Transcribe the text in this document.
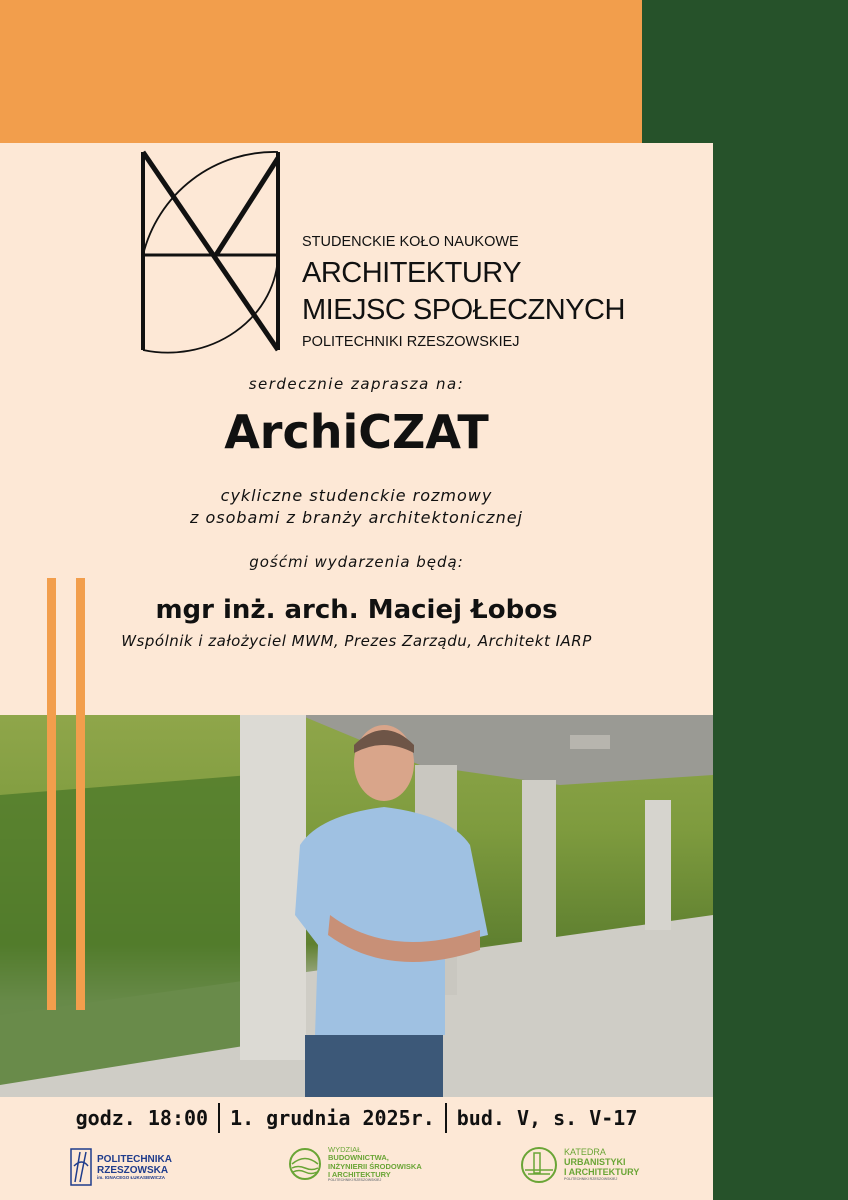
STUDENCKIE KOŁO NAUKOWE
ARCHITEKTURY
MIEJSC SPOŁECZNYCH
POLITECHNIKI RZESZOWSKIEJ
serdecznie zaprasza na:
ArchiCZAT
cykliczne studenckie rozmowy
z osobami z branży architektonicznej
gośćmi wydarzenia będą:
mgr inż. arch. Maciej Łobos
Wspólnik i założyciel MWM, Prezes Zarządu, Architekt IARP
godz. 18:00 1. grudnia 2025r. bud. V, s. V-17
POLITECHNIKA
RZESZOWSKA
im. IGNACEGO ŁUKASIEWICZA
WYDZIAŁ
BUDOWNICTWA,
INŻYNIERII ŚRODOWISKA
I ARCHITEKTURY
POLITECHNIKI RZESZOWSKIEJ
KATEDRA
URBANISTYKI
I ARCHITEKTURY
POLITECHNIKI RZESZOWSKIEJ
